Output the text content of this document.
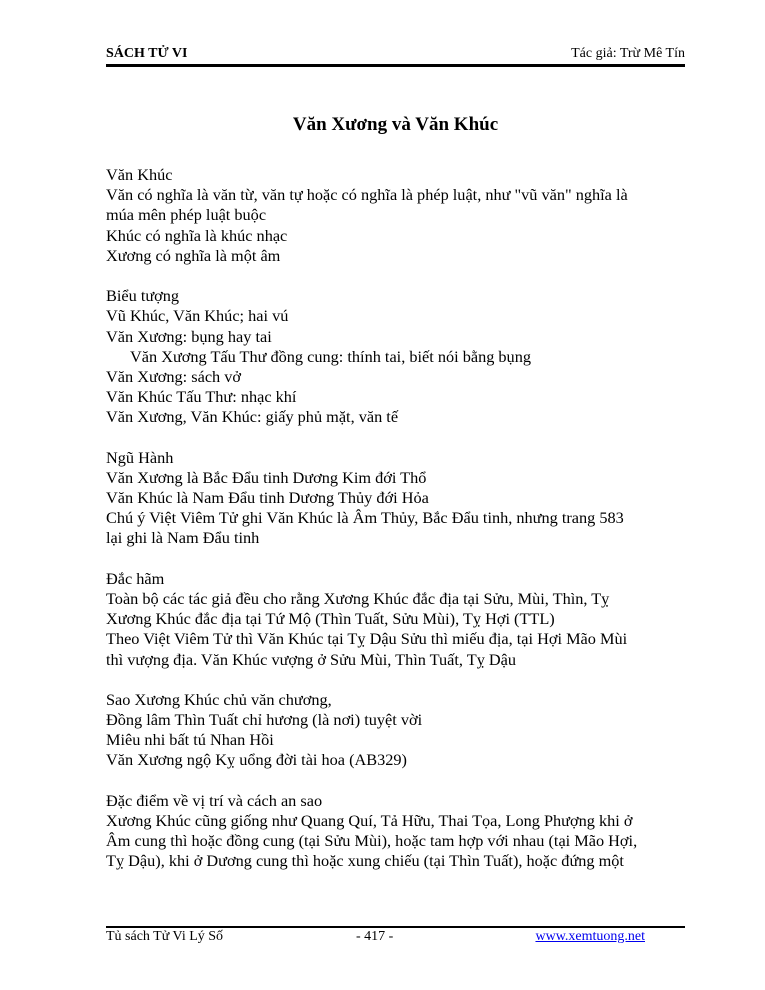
SÁCH TỬ VI	Tác giả: Trừ Mê Tín
Văn Xương và Văn Khúc
Văn Khúc
Văn có nghĩa là văn từ, văn tự hoặc có nghĩa là phép luật, như "vũ văn" nghĩa là
múa mên phép luật buộc
Khúc có nghĩa là khúc nhạc
Xương có nghĩa là một âm
Biểu tượng
Vũ Khúc, Văn Khúc; hai vú
Văn Xương: bụng hay tai
Văn Xương Tấu Thư đồng cung: thính tai, biết nói bằng bụng
Văn Xương: sách vở
Văn Khúc Tấu Thư: nhạc khí
Văn Xương, Văn Khúc: giấy phủ mặt, văn tế
Ngũ Hành
Văn Xương là Bắc Đẩu tinh Dương Kim đới Thổ
Văn Khúc là Nam Đẩu tinh Dương Thủy đới Hỏa
Chú ý Việt Viêm Tử ghi Văn Khúc là Âm Thủy, Bắc Đẩu tinh, nhưng trang 583
lại ghi là Nam Đẩu tinh
Đắc hãm
Toàn bộ các tác giả đều cho rằng Xương Khúc đắc địa tại Sửu, Mùi, Thìn, Tỵ
Xương Khúc đắc địa tại Tứ Mộ (Thìn Tuất, Sửu Mùi), Tỵ Hợi (TTL)
Theo Việt Viêm Tử thì Văn Khúc tại Tỵ Dậu Sửu thì miếu địa, tại Hợi Mão Mùi
thì vượng địa. Văn Khúc vượng ở Sửu Mùi, Thìn Tuất, Tỵ Dậu
Sao Xương Khúc chủ văn chương,
Đồng lâm Thìn Tuất chỉ hương (là nơi) tuyệt vời
Miêu nhi bất tú Nhan Hồi
Văn Xương ngộ Kỵ uổng đời tài hoa (AB329)
Đặc điểm về vị trí và cách an sao
Xương Khúc cũng giống như Quang Quí, Tả Hữu, Thai Tọa, Long Phượng khi ở
Âm cung thì hoặc đồng cung (tại Sửu Mùi), hoặc tam hợp với nhau (tại Mão Hợi,
Tỵ Dậu), khi ở Dương cung thì hoặc xung chiếu (tại Thìn Tuất), hoặc đứng một
Tủ sách Tử Vi Lý Số	- 417 -	www.xemtuong.net
